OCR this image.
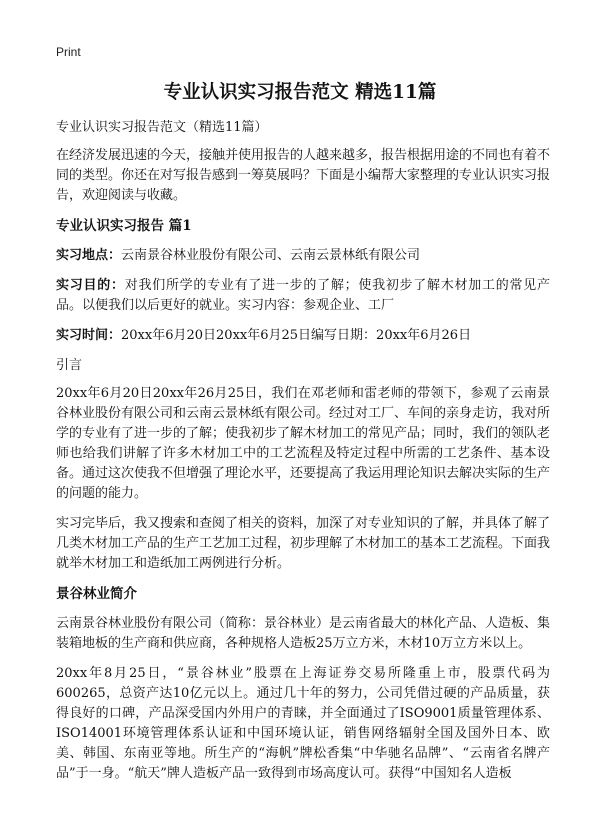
Print
专业认识实习报告范文 精选11篇

专业认识实习报告范文（精选11篇）

在经济发展迅速的今天，接触并使用报告的人越来越多，报告根据用途的不同也有着不同的类型。你还在对写报告感到一筹莫展吗？下面是小编帮大家整理的专业认识实习报告，欢迎阅读与收藏。

专业认识实习报告 篇1

实习地点：云南景谷林业股份有限公司、云南云景林纸有限公司

实习目的：对我们所学的专业有了进一步的了解；使我初步了解木材加工的常见产品。以便我们以后更好的就业。实习内容：参观企业、工厂

实习时间：20xx年6月20日20xx年6月25日编写日期：20xx年6月26日

引言

20xx年6月20日20xx年26月25日，我们在邓老师和雷老师的带领下，参观了云南景谷林业股份有限公司和云南云景林纸有限公司。经过对工厂、车间的亲身走访，我对所学的专业有了进一步的了解；使我初步了解木材加工的常见产品；同时，我们的领队老师也给我们讲解了许多木材加工中的工艺流程及特定过程中所需的工艺条件、基本设备。通过这次使我不但增强了理论水平，还要提高了我运用理论知识去解决实际的生产的问题的能力。

实习完毕后，我又搜索和查阅了相关的资料，加深了对专业知识的了解，并具体了解了几类木材加工产品的生产工艺加工过程，初步理解了木材加工的基本工艺流程。下面我就举木材加工和造纸加工两例进行分析。

景谷林业简介

云南景谷林业股份有限公司（简称：景谷林业）是云南省最大的林化产品、人造板、集装箱地板的生产商和供应商，各种规格人造板25万立方米，木材10万立方米以上。

20xx年8月25日，“景谷林业”股票在上海证券交易所隆重上市，股票代码为600265，总资产达10亿元以上。通过几十年的努力，公司凭借过硬的产品质量，获得良好的口碑，产品深受国内外用户的青睐，并全面通过了ISO9001质量管理体系、ISO14001环境管理体系认证和中国环境认证，销售网络辐射全国及国外日本、欧美、韩国、东南亚等地。所生产的“海帆”牌松香集“中华驰名品牌”、“云南省名牌产品”于一身。“航天”牌人造板产品一致得到市场高度认可。获得“中国知名人造板
